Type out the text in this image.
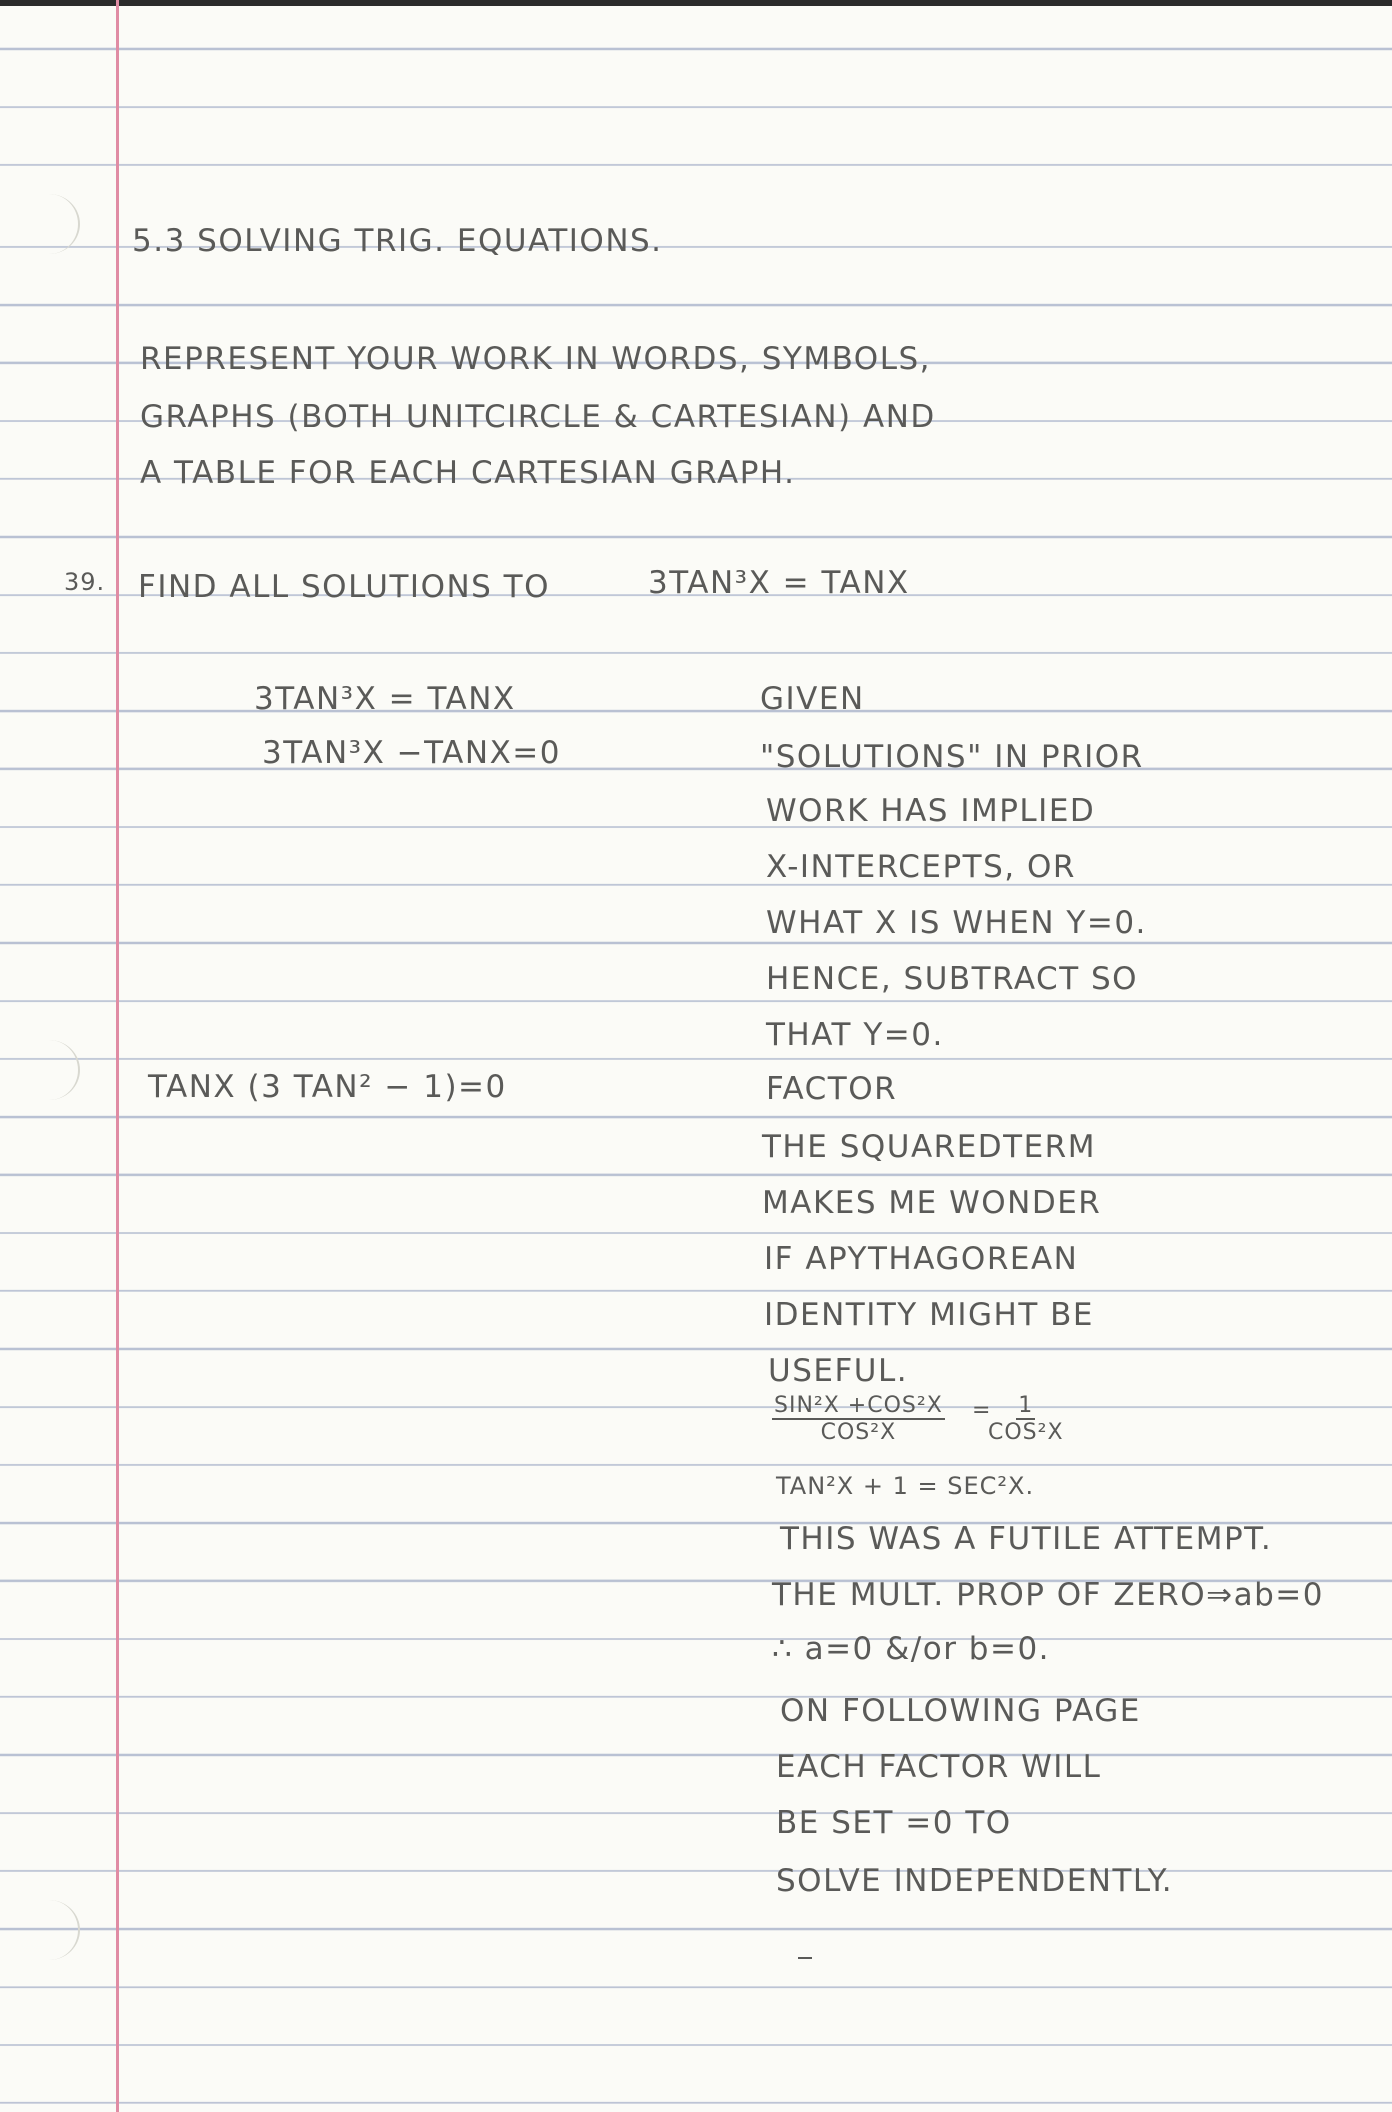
5.3 SOLVING TRIG. EQUATIONS.
REPRESENT YOUR WORK IN WORDS, SYMBOLS,
GRAPHS (BOTH UNITCIRCLE & CARTESIAN) AND
A TABLE FOR EACH CARTESIAN GRAPH.
39. FIND ALL SOLUTIONS TO	3TAN³X = TANX
3TAN³X = TANX
3TAN³X −TANX=0
TANX (3 TAN² − 1)=0
GIVEN
"SOLUTIONS" IN PRIOR
WORK HAS IMPLIED
X-INTERCEPTS, OR
WHAT X IS WHEN Y=0.
HENCE, SUBTRACT SO
THAT Y=0.
FACTOR
THE SQUAREDTERM
MAKES ME WONDER
IF APYTHAGOREAN
IDENTITY MIGHT BE
USEFUL.
SIN²X +COS²X
COS²X
= 1
COS²X
TAN²X + 1 = SEC²X.
THIS WAS A FUTILE ATTEMPT.
THE MULT. PROP OF ZERO⇒ab=0
∴ a=0 &/or b=0.
ON FOLLOWING PAGE
EACH FACTOR WILL
BE SET =0 TO
SOLVE INDEPENDENTLY.
